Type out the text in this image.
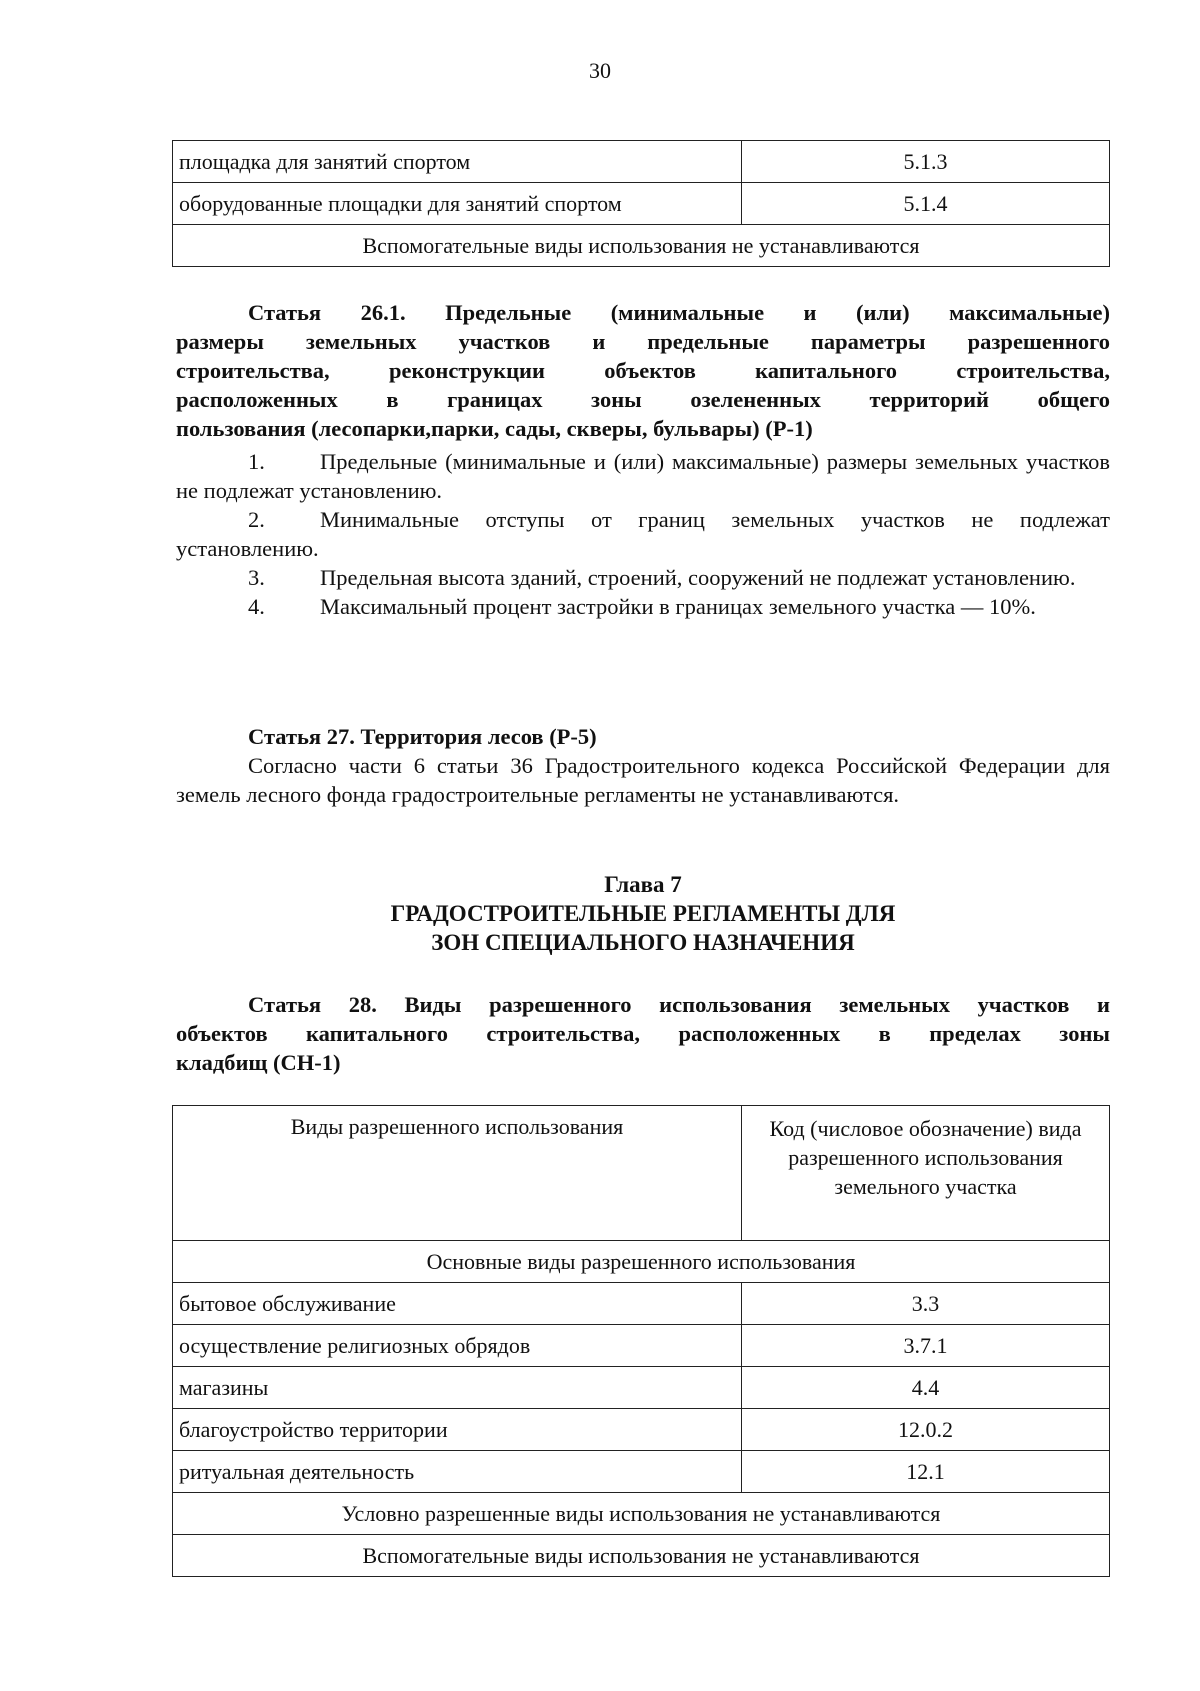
30
площадка для занятий спортом	5.1.3
оборудованные площадки для занятий спортом	5.1.4
Вспомогательные виды использования не устанавливаются	
Статья 26.1. Предельные (минимальные и (или) максимальные)
размеры земельных участков и предельные параметры разрешенного
строительства, реконструкции объектов капитального строительства,
расположенных в границах зоны озелененных территорий общего
пользования (лесопарки,парки, сады, скверы, бульвары) (Р-1)
1. Предельные (минимальные и (или) максимальные) размеры земельных участков не подлежат установлению.
2. Минимальные отступы от границ земельных участков не подлежат установлению.
3. Предельная высота зданий, строений, сооружений не подлежат установлению.
4. Максимальный процент застройки в границах земельного участка — 10%.
Статья 27. Территория лесов (Р-5)
Согласно части 6 статьи 36 Градостроительного кодекса Российской Федерации для земель лесного фонда градостроительные регламенты не устанавливаются.
Глава 7
ГРАДОСТРОИТЕЛЬНЫЕ РЕГЛАМЕНТЫ ДЛЯ
ЗОН СПЕЦИАЛЬНОГО НАЗНАЧЕНИЯ
Статья 28. Виды разрешенного использования земельных участков и
объектов капитального строительства, расположенных в пределах зоны
кладбищ (СН-1)
Виды разрешенного использования	Код (числовое обозначение) вида разрешенного использования земельного участка
Основные виды разрешенного использования	
бытовое обслуживание	3.3
осуществление религиозных обрядов	3.7.1
магазины	4.4
благоустройство территории	12.0.2
ритуальная деятельность	12.1
Условно разрешенные виды использования не устанавливаются	
Вспомогательные виды использования не устанавливаются	
